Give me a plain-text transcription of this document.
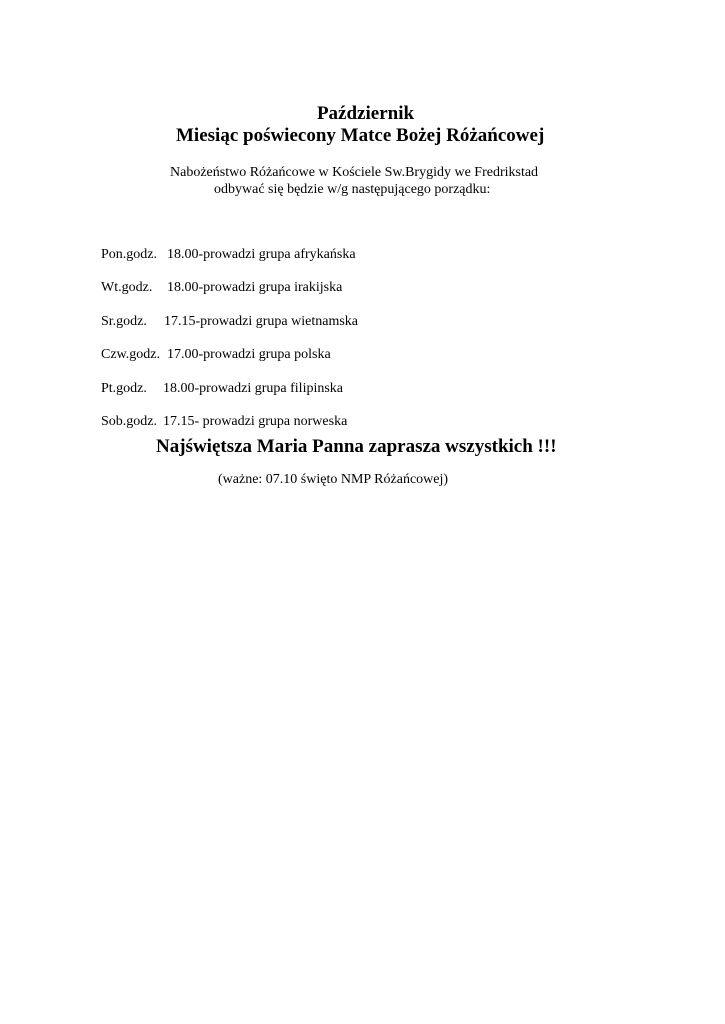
Październik
Miesiąc poświecony Matce Bożej Różańcowej
Nabożeństwo Różańcowe w Kościele Sw.Brygidy we Fredrikstad
odbywać się będzie w/g następującego porządku:

Pon.godz. 18.00-prowadzi grupa afrykańska

Wt.godz. 18.00-prowadzi grupa irakijska

Sr.godz. 17.15-prowadzi grupa wietnamska

Czw.godz. 17.00-prowadzi grupa polska

Pt.godz. 18.00-prowadzi grupa filipinska

Sob.godz. 17.15- prowadzi grupa norweska

Najświętsza Maria Panna zaprasza wszystkich !!!
(ważne: 07.10 święto NMP Różańcowej)
